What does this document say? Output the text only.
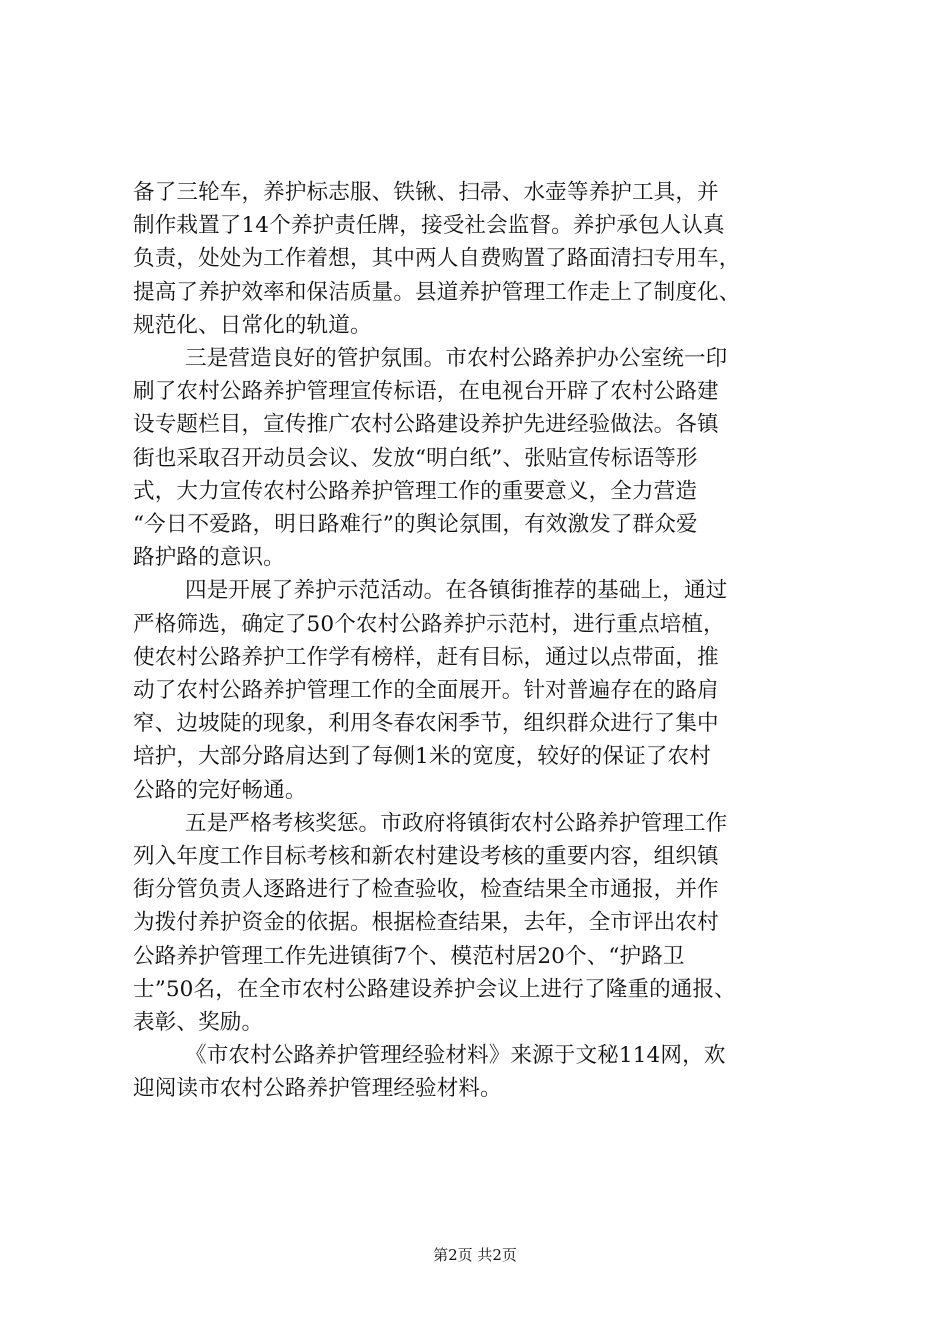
备了三轮车，养护标志服、铁锹、扫帚、水壶等养护工具，并
制作栽置了14个养护责任牌，接受社会监督。养护承包人认真
负责，处处为工作着想，其中两人自费购置了路面清扫专用车，
提高了养护效率和保洁质量。县道养护管理工作走上了制度化、
规范化、日常化的轨道。

三是营造良好的管护氛围。市农村公路养护办公室统一印
刷了农村公路养护管理宣传标语，在电视台开辟了农村公路建
设专题栏目，宣传推广农村公路建设养护先进经验做法。各镇
街也采取召开动员会议、发放“明白纸”、张贴宣传标语等形
式，大力宣传农村公路养护管理工作的重要意义，全力营造
“今日不爱路，明日路难行”的舆论氛围，有效激发了群众爱
路护路的意识。

四是开展了养护示范活动。在各镇街推荐的基础上，通过
严格筛选，确定了50个农村公路养护示范村，进行重点培植，
使农村公路养护工作学有榜样，赶有目标，通过以点带面，推
动了农村公路养护管理工作的全面展开。针对普遍存在的路肩
窄、边坡陡的现象，利用冬春农闲季节，组织群众进行了集中
培护，大部分路肩达到了每侧1米的宽度，较好的保证了农村
公路的完好畅通。

五是严格考核奖惩。市政府将镇街农村公路养护管理工作
列入年度工作目标考核和新农村建设考核的重要内容，组织镇
街分管负责人逐路进行了检查验收，检查结果全市通报，并作
为拨付养护资金的依据。根据检查结果，去年，全市评出农村
公路养护管理工作先进镇街7个、模范村居20个、“护路卫
士”50名，在全市农村公路建设养护会议上进行了隆重的通报、
表彰、奖励。

《市农村公路养护管理经验材料》来源于文秘114网，欢
迎阅读市农村公路养护管理经验材料。

第2页 共2页
